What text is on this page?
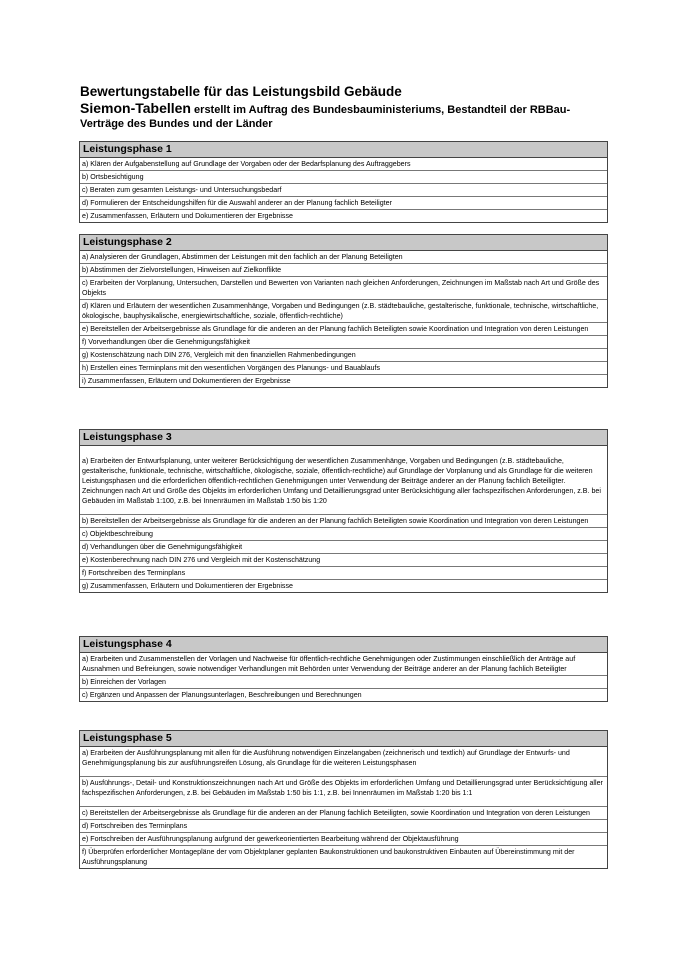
Bewertungstabelle für das Leistungsbild Gebäude
Siemon-Tabellen erstellt im Auftrag des Bundesbauministeriums, Bestandteil der RBBau-Verträge des Bundes und der Länder
Leistungsphase 1
a) Klären der Aufgabenstellung auf Grundlage der Vorgaben oder der Bedarfsplanung des Auftraggebers
b) Ortsbesichtigung
c) Beraten zum gesamten Leistungs- und Untersuchungsbedarf
d) Formulieren der Entscheidungshilfen für die Auswahl anderer an der Planung fachlich Beteiligter
e) Zusammenfassen, Erläutern und Dokumentieren der Ergebnisse
Leistungsphase 2
a) Analysieren der Grundlagen, Abstimmen der Leistungen mit den fachlich an der Planung Beteiligten
b) Abstimmen der Zielvorstellungen, Hinweisen auf Zielkonflikte
c) Erarbeiten der Vorplanung, Untersuchen, Darstellen und Bewerten von Varianten nach gleichen Anforderungen, Zeichnungen im Maßstab nach Art und Größe des Objekts
d) Klären und Erläutern der wesentlichen Zusammenhänge, Vorgaben und Bedingungen (z.B. städtebauliche, gestalterische, funktionale, technische, wirtschaftliche, ökologische, bauphysikalische, energiewirtschaftliche, soziale, öffentlich-rechtliche)
e) Bereitstellen der Arbeitsergebnisse als Grundlage für die anderen an der Planung fachlich Beteiligten sowie Koordination und Integration von deren Leistungen
f) Vorverhandlungen über die Genehmigungsfähigkeit
g) Kostenschätzung nach DIN 276, Vergleich mit den finanziellen Rahmenbedingungen
h) Erstellen eines Terminplans mit den wesentlichen Vorgängen des Planungs- und Bauablaufs
i) Zusammenfassen, Erläutern und Dokumentieren der Ergebnisse
Leistungsphase 3
a) Erarbeiten der Entwurfsplanung, unter weiterer Berücksichtigung der wesentlichen Zusammenhänge, Vorgaben und Bedingungen (z.B. städtebauliche, gestalterische, funktionale, technische, wirtschaftliche, ökologische, soziale, öffentlich-rechtliche) auf Grundlage der Vorplanung und als Grundlage für die weiteren Leistungsphasen und die erforderlichen öffentlich-rechtlichen Genehmigungen unter Verwendung der Beiträge anderer an der Planung fachlich Beteiligter. Zeichnungen nach Art und Größe des Objekts im erforderlichen Umfang und Detaillierungsgrad unter Berücksichtigung aller fachspezifischen Anforderungen, z.B. bei Gebäuden im Maßstab 1:100, z.B. bei Innenräumen im Maßstab 1:50 bis 1:20
b) Bereitstellen der Arbeitsergebnisse als Grundlage für die anderen an der Planung fachlich Beteiligten sowie Koordination und Integration von deren Leistungen
c) Objektbeschreibung
d) Verhandlungen über die Genehmigungsfähigkeit
e) Kostenberechnung nach DIN 276 und Vergleich mit der Kostenschätzung
f) Fortschreiben des Terminplans
g) Zusammenfassen, Erläutern und Dokumentieren der Ergebnisse
Leistungsphase 4
a) Erarbeiten und Zusammenstellen der Vorlagen und Nachweise für öffentlich-rechtliche Genehmigungen oder Zustimmungen einschließlich der Anträge auf Ausnahmen und Befreiungen, sowie notwendiger Verhandlungen mit Behörden unter Verwendung der Beiträge anderer an der Planung fachlich Beteiligter
b) Einreichen der Vorlagen
c) Ergänzen und Anpassen der Planungsunterlagen, Beschreibungen und Berechnungen
Leistungsphase 5
a) Erarbeiten der Ausführungsplanung mit allen für die Ausführung notwendigen Einzelangaben (zeichnerisch und textlich) auf Grundlage der Entwurfs- und Genehmigungsplanung bis zur ausführungsreifen Lösung, als Grundlage für die weiteren Leistungsphasen
b) Ausführungs-, Detail- und Konstruktionszeichnungen nach Art und Größe des Objekts im erforderlichen Umfang und Detaillierungsgrad unter Berücksichtigung aller fachspezifischen Anforderungen, z.B. bei Gebäuden im Maßstab 1:50 bis 1:1, z.B. bei Innenräumen im Maßstab 1:20 bis 1:1
c) Bereitstellen der Arbeitsergebnisse als Grundlage für die anderen an der Planung fachlich Beteiligten, sowie Koordination und Integration von deren Leistungen
d) Fortschreiben des Terminplans
e) Fortschreiben der Ausführungsplanung aufgrund der gewerkeorientierten Bearbeitung während der Objektausführung
f) Überprüfen erforderlicher Montagepläne der vom Objektplaner geplanten Baukonstruktionen und baukonstruktiven Einbauten auf Übereinstimmung mit der Ausführungsplanung
